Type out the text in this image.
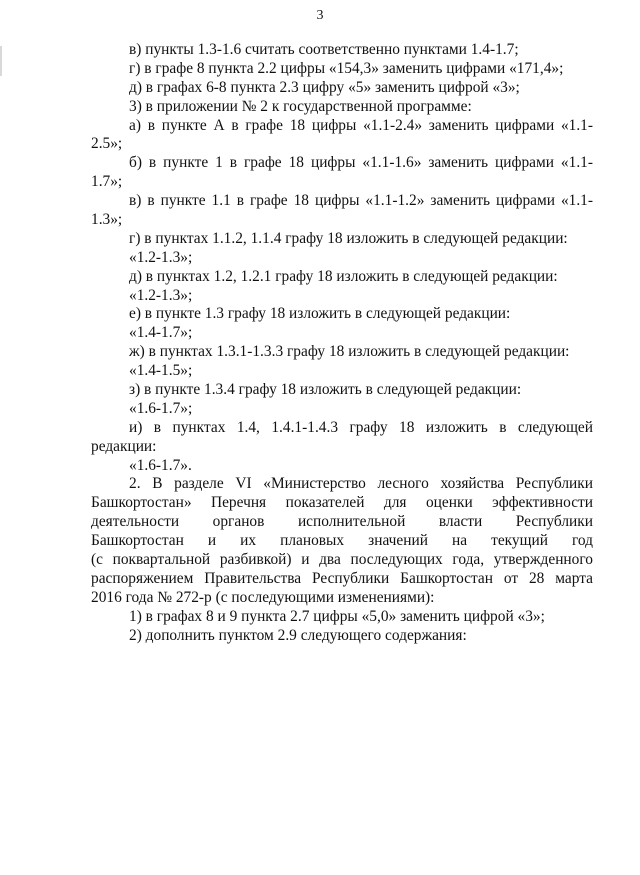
3
в) пункты 1.3-1.6 считать соответственно пунктами 1.4-1.7;
г) в графе 8 пункта 2.2 цифры «154,3» заменить цифрами «171,4»;
д) в графах 6-8 пункта 2.3 цифру «5» заменить цифрой «3»;
3) в приложении № 2 к государственной программе:
а) в пункте А в графе 18 цифры «1.1-2.4» заменить цифрами «1.1-
2.5»;
б) в пункте 1 в графе 18 цифры «1.1-1.6» заменить цифрами «1.1-
1.7»;
в) в пункте 1.1 в графе 18 цифры «1.1-1.2» заменить цифрами «1.1-
1.3»;
г) в пунктах 1.1.2, 1.1.4 графу 18 изложить в следующей редакции:
«1.2-1.3»;
д) в пунктах 1.2, 1.2.1 графу 18 изложить в следующей редакции:
«1.2-1.3»;
е) в пункте 1.3 графу 18 изложить в следующей редакции:
«1.4-1.7»;
ж) в пунктах 1.3.1-1.3.3 графу 18 изложить в следующей редакции:
«1.4-1.5»;
з) в пункте 1.3.4 графу 18 изложить в следующей редакции:
«1.6-1.7»;
и) в пунктах 1.4, 1.4.1-1.4.3 графу 18 изложить в следующей
редакции:
«1.6-1.7».
2. В разделе VI «Министерство лесного хозяйства Республики
Башкортостан» Перечня показателей для оценки эффективности
деятельности органов исполнительной власти Республики
Башкортостан и их плановых значений на текущий год
(с поквартальной разбивкой) и два последующих года, утвержденного
распоряжением Правительства Республики Башкортостан от 28 марта
2016 года № 272-р (с последующими изменениями):
1) в графах 8 и 9 пункта 2.7 цифры «5,0» заменить цифрой «3»;
2) дополнить пунктом 2.9 следующего содержания:
